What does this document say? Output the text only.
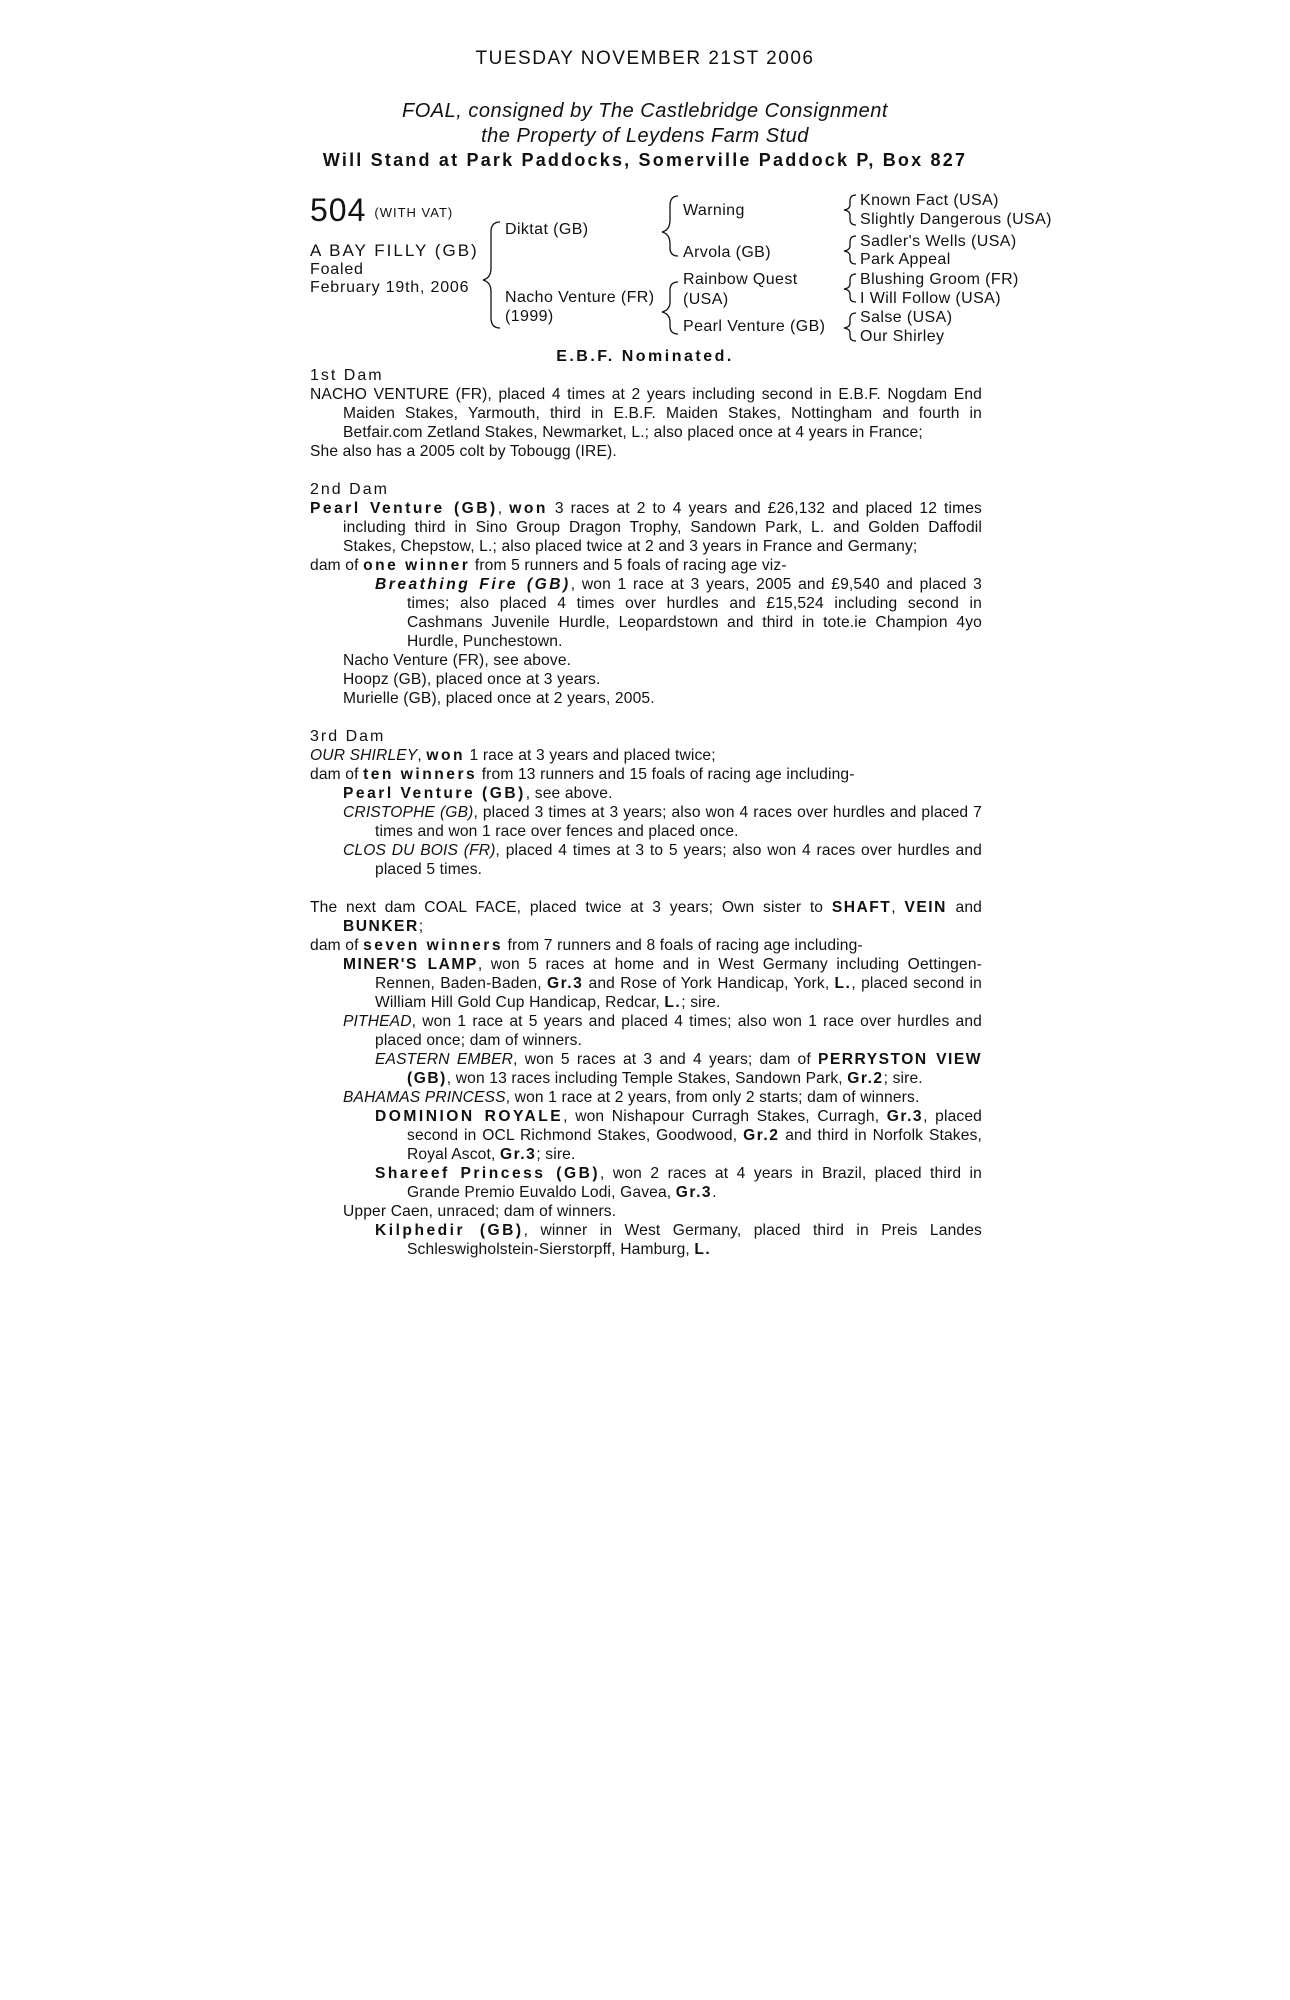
TUESDAY NOVEMBER 21ST 2006
FOAL, consigned by The Castlebridge Consignment
the Property of Leydens Farm Stud
Will Stand at Park Paddocks, Somerville Paddock P, Box 827
504 (WITH VAT)
A BAY FILLY (GB)
Foaled
February 19th, 2006
Diktat (GB)
Nacho Venture (FR)
(1999)
Warning
Arvola (GB)
Rainbow Quest
(USA)
Pearl Venture (GB)
Known Fact (USA)
Slightly Dangerous (USA)
Sadler's Wells (USA)
Park Appeal
Blushing Groom (FR)
I Will Follow (USA)
Salse (USA)
Our Shirley
E.B.F. Nominated.
1st Dam
NACHO VENTURE (FR), placed 4 times at 2 years including second in E.B.F. Nogdam End Maiden Stakes, Yarmouth, third in E.B.F. Maiden Stakes, Nottingham and fourth in Betfair.com Zetland Stakes, Newmarket, L.; also placed once at 4 years in France;
She also has a 2005 colt by Tobougg (IRE).
2nd Dam
Pearl Venture (GB), won 3 races at 2 to 4 years and £26,132 and placed 12 times including third in Sino Group Dragon Trophy, Sandown Park, L. and Golden Daffodil Stakes, Chepstow, L.; also placed twice at 2 and 3 years in France and Germany;
dam of one winner from 5 runners and 5 foals of racing age viz-
Breathing Fire (GB), won 1 race at 3 years, 2005 and £9,540 and placed 3 times; also placed 4 times over hurdles and £15,524 including second in Cashmans Juvenile Hurdle, Leopardstown and third in tote.ie Champion 4yo Hurdle, Punchestown.
Nacho Venture (FR), see above.
Hoopz (GB), placed once at 3 years.
Murielle (GB), placed once at 2 years, 2005.
3rd Dam
OUR SHIRLEY, won 1 race at 3 years and placed twice;
dam of ten winners from 13 runners and 15 foals of racing age including-
Pearl Venture (GB), see above.
CRISTOPHE (GB), placed 3 times at 3 years; also won 4 races over hurdles and placed 7 times and won 1 race over fences and placed once.
CLOS DU BOIS (FR), placed 4 times at 3 to 5 years; also won 4 races over hurdles and placed 5 times.
The next dam COAL FACE, placed twice at 3 years; Own sister to SHAFT, VEIN and BUNKER;
dam of seven winners from 7 runners and 8 foals of racing age including-
MINER'S LAMP, won 5 races at home and in West Germany including Oettingen-Rennen, Baden-Baden, Gr.3 and Rose of York Handicap, York, L., placed second in William Hill Gold Cup Handicap, Redcar, L.; sire.
PITHEAD, won 1 race at 5 years and placed 4 times; also won 1 race over hurdles and placed once; dam of winners.
EASTERN EMBER, won 5 races at 3 and 4 years; dam of PERRYSTON VIEW (GB), won 13 races including Temple Stakes, Sandown Park, Gr.2; sire.
BAHAMAS PRINCESS, won 1 race at 2 years, from only 2 starts; dam of winners.
DOMINION ROYALE, won Nishapour Curragh Stakes, Curragh, Gr.3, placed second in OCL Richmond Stakes, Goodwood, Gr.2 and third in Norfolk Stakes, Royal Ascot, Gr.3; sire.
Shareef Princess (GB), won 2 races at 4 years in Brazil, placed third in Grande Premio Euvaldo Lodi, Gavea, Gr.3.
Upper Caen, unraced; dam of winners.
Kilphedir (GB), winner in West Germany, placed third in Preis Landes Schleswigholstein-Sierstorpff, Hamburg, L.
